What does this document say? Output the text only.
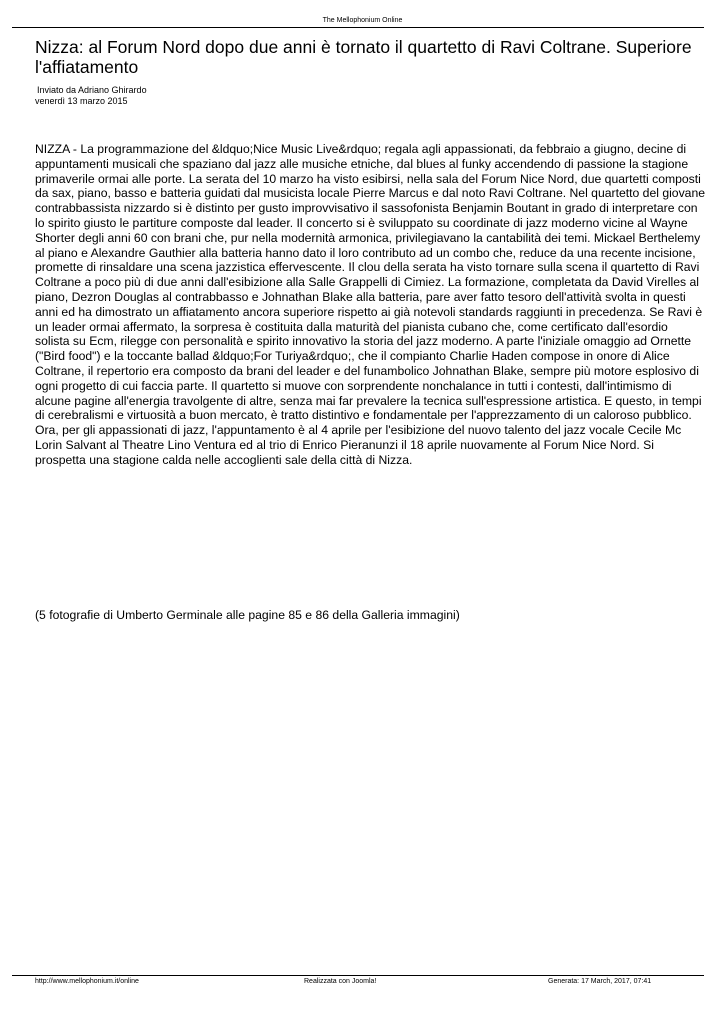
The Mellophonium Online
Nizza: al Forum Nord dopo due anni è tornato il quartetto di Ravi Coltrane. Superiore l'affiatamento
Inviato da Adriano Ghirardo
venerdì 13 marzo 2015

NIZZA - La programmazione del &ldquo;Nice Music Live&rdquo; regala agli appassionati, da febbraio a giugno, decine di appuntamenti musicali che spaziano dal jazz alle musiche etniche, dal blues al funky accendendo di passione la stagione primaverile ormai alle porte. La serata del 10 marzo ha visto esibirsi, nella sala del Forum Nice Nord, due quartetti composti da sax, piano, basso e batteria guidati dal musicista locale Pierre Marcus e dal noto Ravi Coltrane. Nel quartetto del giovane contrabbassista nizzardo si è distinto per gusto improvvisativo il sassofonista Benjamin Boutant in grado di interpretare con lo spirito giusto le partiture composte dal leader. Il concerto si è sviluppato su coordinate di jazz moderno vicine al Wayne Shorter degli anni 60 con brani che, pur nella modernità armonica, privilegiavano la cantabilità dei temi. Mickael Berthelemy al piano e Alexandre Gauthier alla batteria hanno dato il loro contributo ad un combo che, reduce da una recente incisione, promette di rinsaldare una scena jazzistica effervescente. Il clou della serata ha visto tornare sulla scena il quartetto di Ravi Coltrane a poco più di due anni dall'esibizione alla Salle Grappelli di Cimiez. La formazione, completata da David Virelles al piano, Dezron Douglas al contrabbasso e Johnathan Blake alla batteria, pare aver fatto tesoro dell'attività svolta in questi anni ed ha dimostrato un affiatamento ancora superiore rispetto ai già notevoli standards raggiunti in precedenza. Se Ravi è un leader ormai affermato, la sorpresa è costituita dalla maturità del pianista cubano che, come certificato dall'esordio solista su Ecm, rilegge con personalità e spirito innovativo la storia del jazz moderno. A parte l'iniziale omaggio ad Ornette ("Bird food") e la toccante ballad &ldquo;For Turiya&rdquo;, che il compianto Charlie Haden compose in onore di Alice Coltrane, il repertorio era composto da brani del leader e del funambolico Johnathan Blake, sempre più motore esplosivo di ogni progetto di cui faccia parte. Il quartetto si muove con sorprendente nonchalance in tutti i contesti, dall'intimismo di alcune pagine all'energia travolgente di altre, senza mai far prevalere la tecnica sull'espressione artistica. E questo, in tempi di cerebralismi e virtuosità a buon mercato, è tratto distintivo e fondamentale per l'apprezzamento di un caloroso pubblico. Ora, per gli appassionati di jazz, l'appuntamento è al 4 aprile per l'esibizione del nuovo talento del jazz vocale Cecile Mc Lorin Salvant al Theatre Lino Ventura ed al trio di Enrico Pieranunzi il 18 aprile nuovamente al Forum Nice Nord. Si prospetta una stagione calda nelle accoglienti sale della città di Nizza.

(5 fotografie di Umberto Germinale alle pagine 85 e 86 della Galleria immagini)

http://www.mellophonium.it/online	Realizzata con Joomla!	Generata: 17 March, 2017, 07:41
